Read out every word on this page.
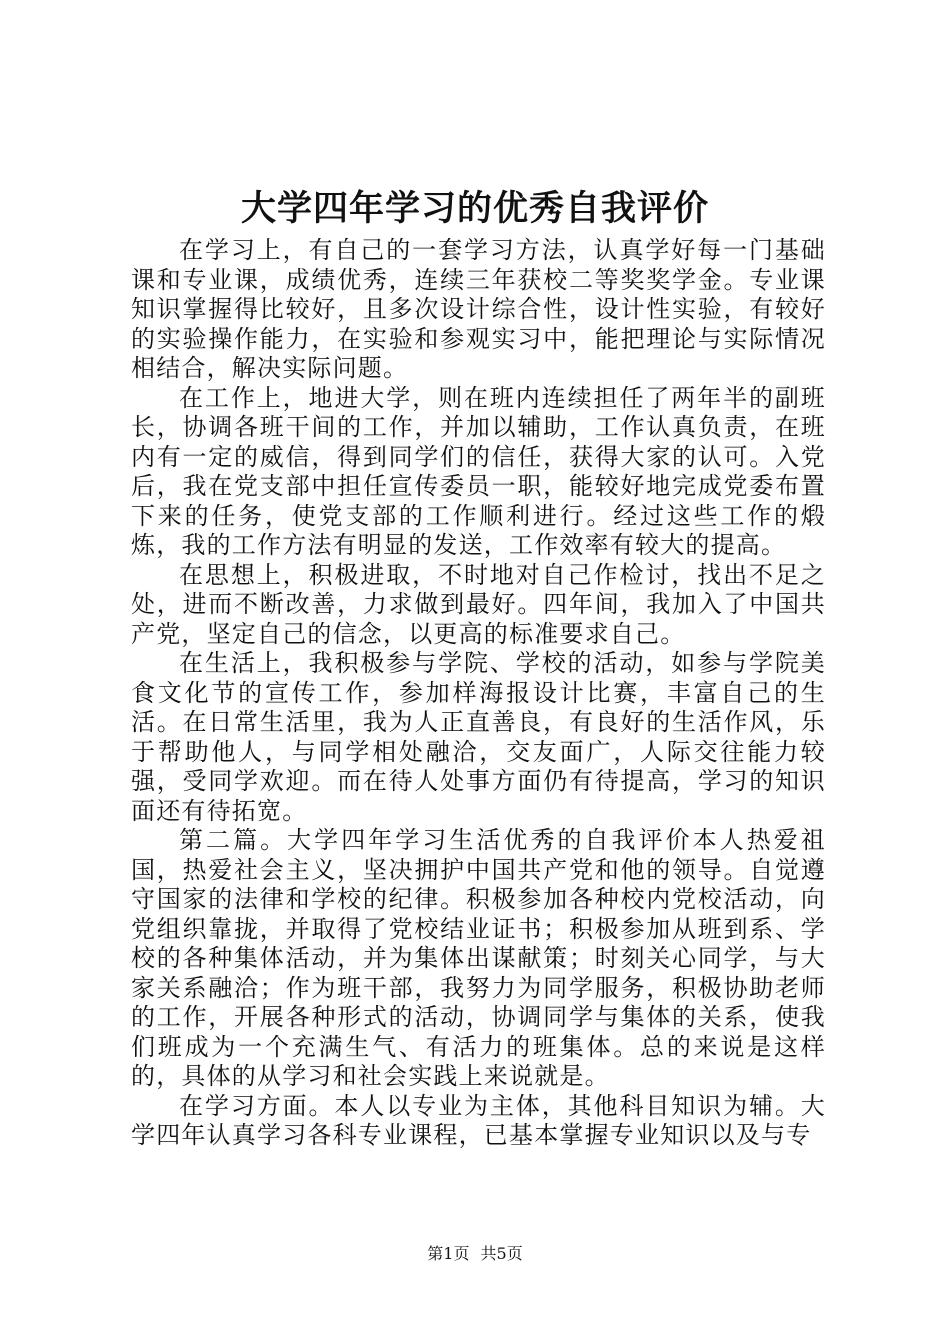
大学四年学习的优秀自我评价

在学习上，有自己的一套学习方法，认真学好每一门基础课和专业课，成绩优秀，连续三年获校二等奖奖学金。专业课知识掌握得比较好，且多次设计综合性，设计性实验，有较好的实验操作能力，在实验和参观实习中，能把理论与实际情况相结合，解决实际问题。

在工作上，地进大学，则在班内连续担任了两年半的副班长，协调各班干间的工作，并加以辅助，工作认真负责，在班内有一定的威信，得到同学们的信任，获得大家的认可。入党后，我在党支部中担任宣传委员一职，能较好地完成党委布置下来的任务，使党支部的工作顺利进行。经过这些工作的煅炼，我的工作方法有明显的发送，工作效率有较大的提高。

在思想上，积极进取，不时地对自己作检讨，找出不足之处，进而不断改善，力求做到最好。四年间，我加入了中国共产党，坚定自己的信念，以更高的标准要求自己。

在生活上，我积极参与学院、学校的活动，如参与学院美食文化节的宣传工作，参加样海报设计比赛，丰富自己的生活。在日常生活里，我为人正直善良，有良好的生活作风，乐于帮助他人，与同学相处融洽，交友面广，人际交往能力较强，受同学欢迎。而在待人处事方面仍有待提高，学习的知识面还有待拓宽。

第二篇。大学四年学习生活优秀的自我评价本人热爱祖国，热爱社会主义，坚决拥护中国共产党和他的领导。自觉遵守国家的法律和学校的纪律。积极参加各种校内党校活动，向党组织靠拢，并取得了党校结业证书；积极参加从班到系、学校的各种集体活动，并为集体出谋献策；时刻关心同学，与大家关系融洽；作为班干部，我努力为同学服务，积极协助老师的工作，开展各种形式的活动，协调同学与集体的关系，使我们班成为一个充满生气、有活力的班集体。总的来说是这样的，具体的从学习和社会实践上来说就是。

在学习方面。本人以专业为主体，其他科目知识为辅。大学四年认真学习各科专业课程，已基本掌握专业知识以及与专

第1页 共5页
